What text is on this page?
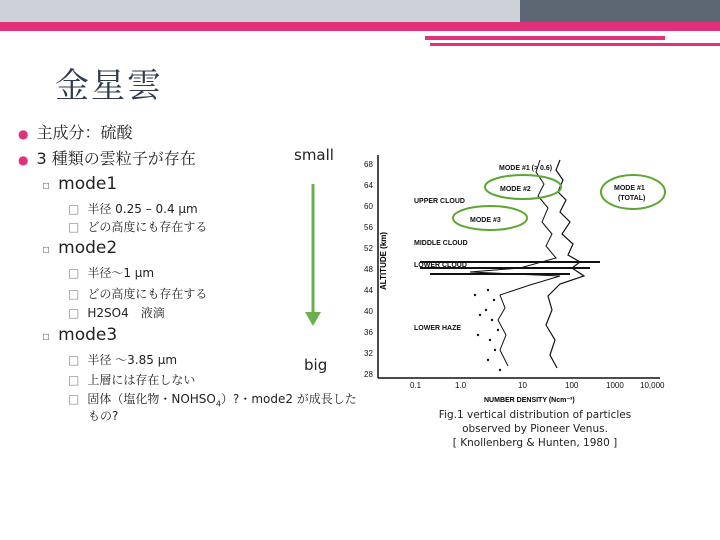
金星雲
● 主成分：硫酸
● 3 種類の雲粒子が存在
▫ mode1
□ 半径 0.25 – 0.4 µm
□ どの高度にも存在する
▫ mode2
□ 半径～1 µm
□ どの高度にも存在する
□ H2SO4　液滴
▫ mode3
□ 半径 ～3.85 µm
□ 上層には存在しない
□ 固体（塩化物・$NOHSO_4$）?・mode2 が成長した
もの?
small
big
68
64
60
56
52
48
44
40
36
32
28
0.1	1.0	10	100	1000 10,000
ALTITUDE (km)
NUMBER DENSITY (Ncm⁻³)
MODE #1 (> 0.6)
MODE #2
MODE #3
MODE #1
(TOTAL)
UPPER CLOUD
MIDDLE CLOUD
LOWER CLOUD
LOWER HAZE
Fig.1 vertical distribution of particles
observed by Pioneer Venus.
[ Knollenberg & Hunten, 1980 ]
